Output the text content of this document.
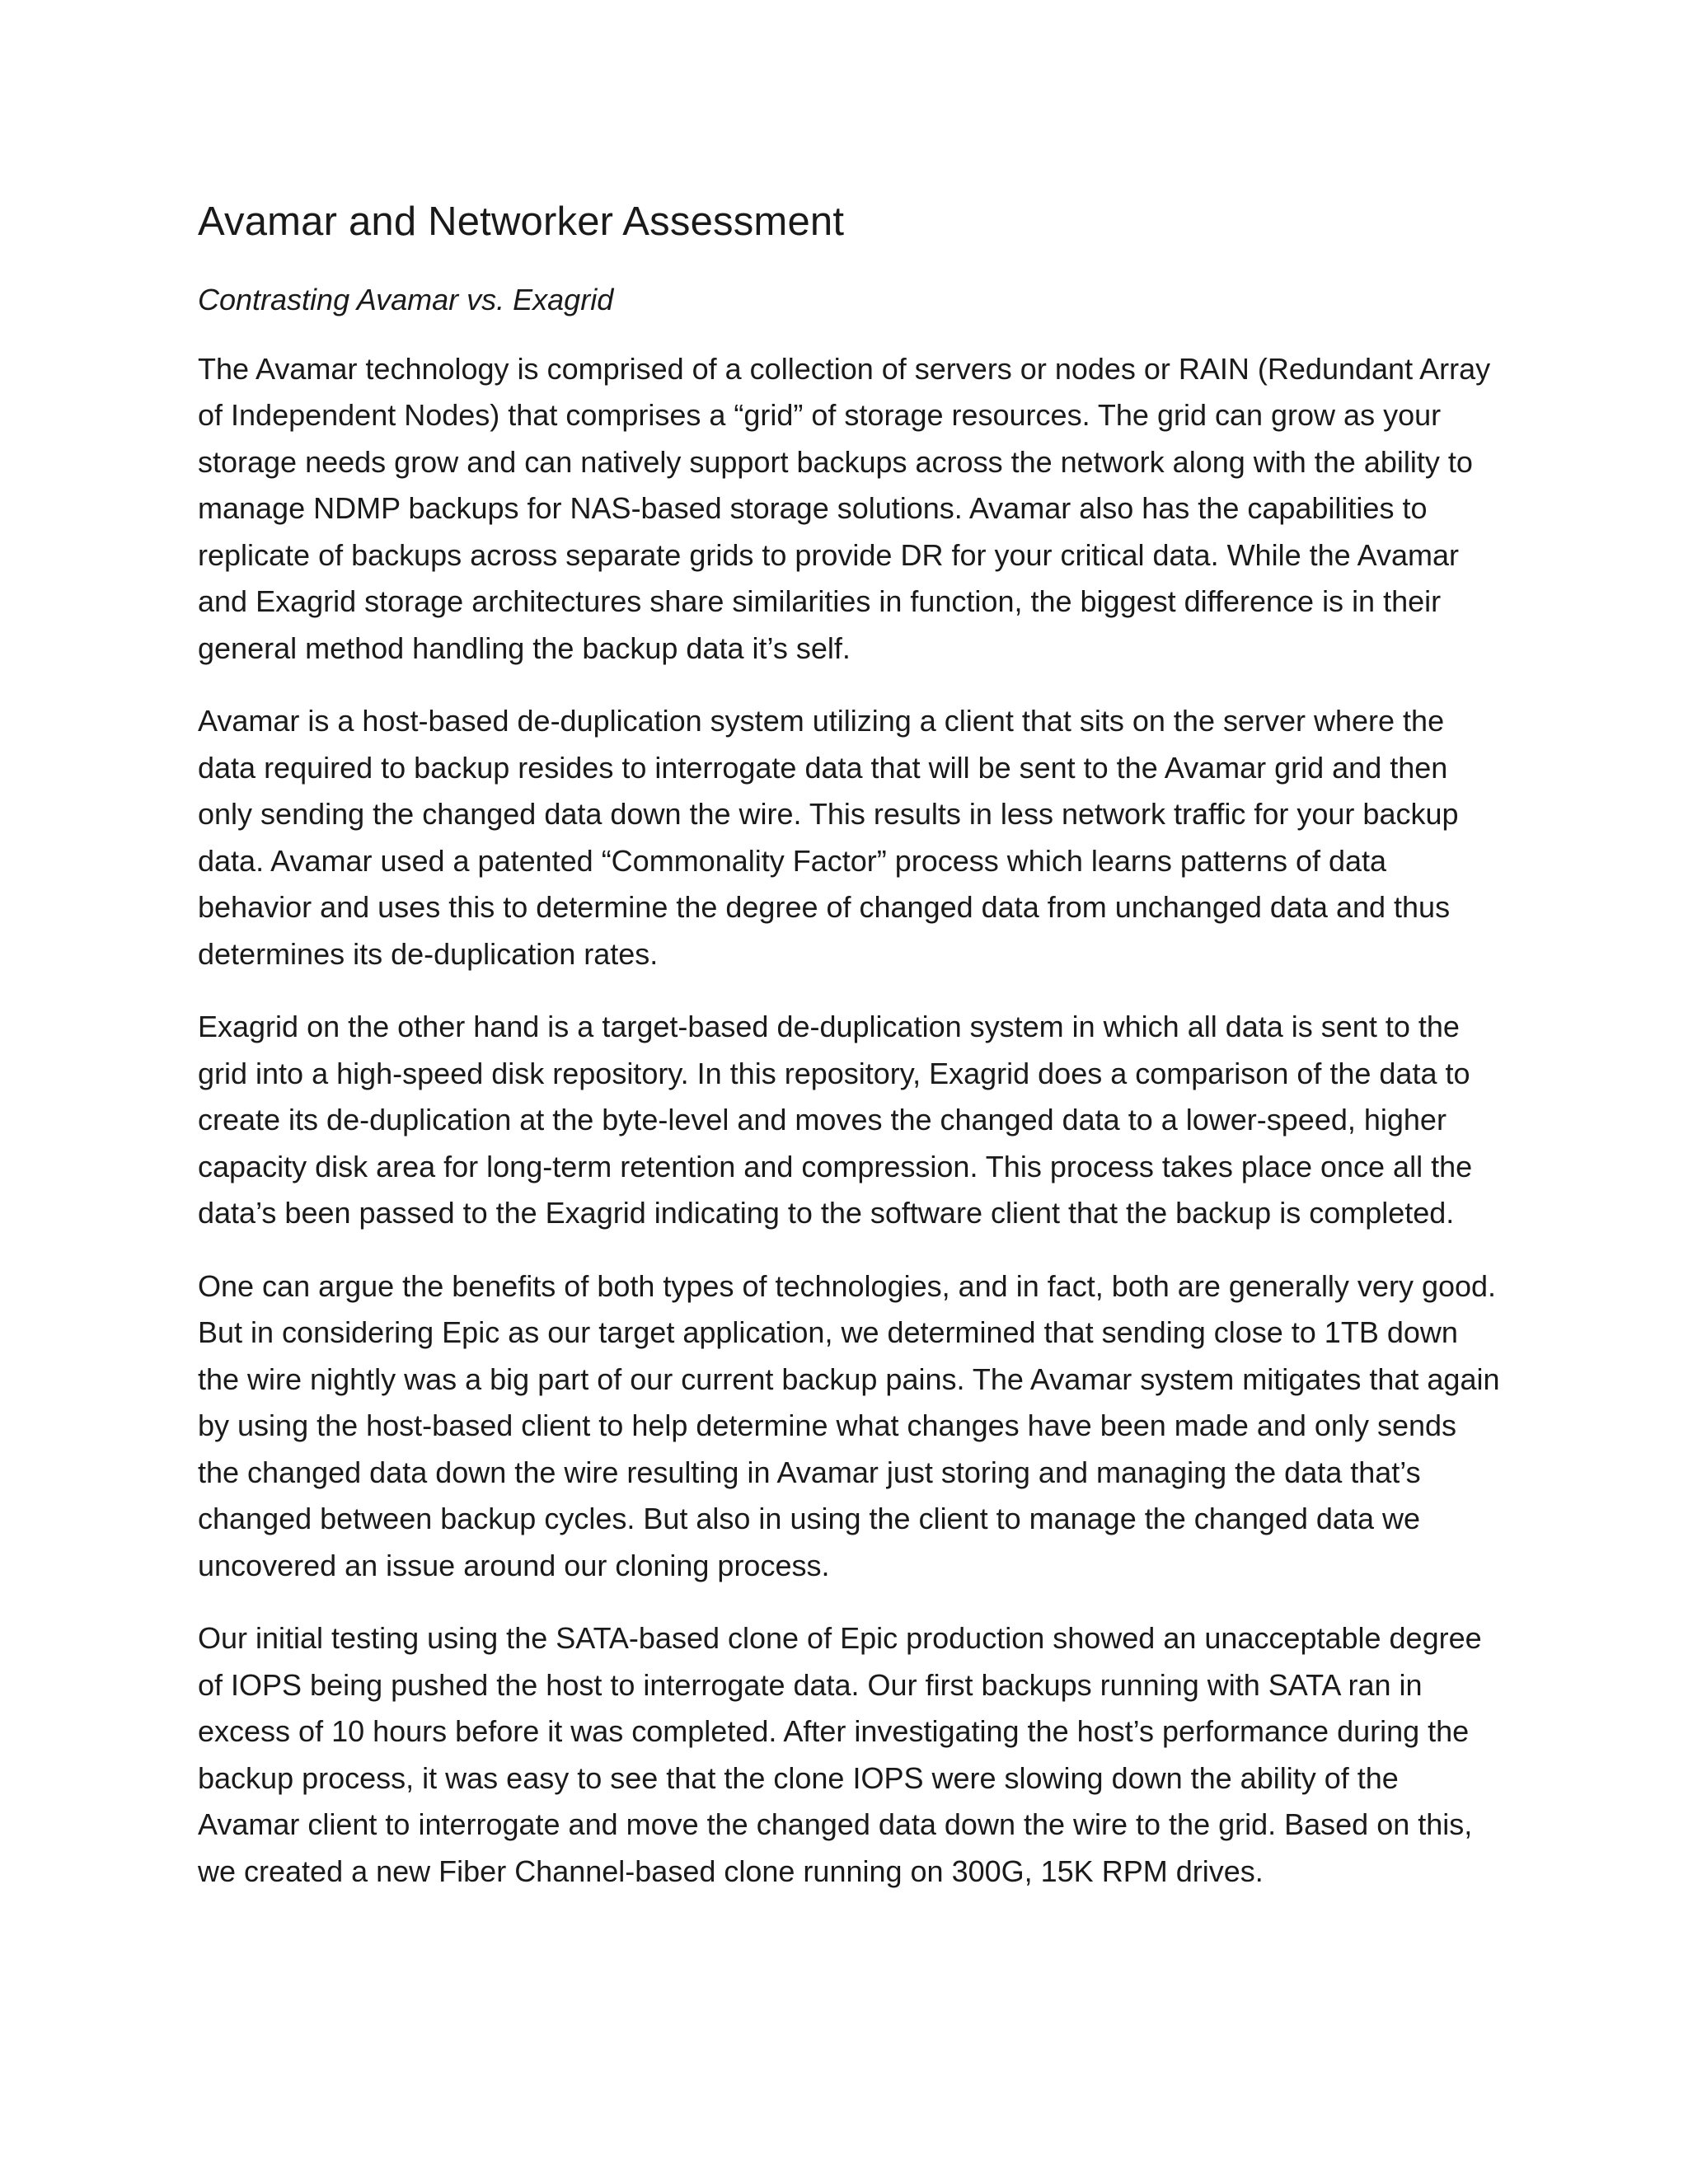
Avamar and Networker Assessment

Contrasting Avamar vs. Exagrid

The Avamar technology is comprised of a collection of servers or nodes or RAIN (Redundant Array of Independent Nodes) that comprises a “grid” of storage resources. The grid can grow as your storage needs grow and can natively support backups across the network along with the ability to manage NDMP backups for NAS-based storage solutions. Avamar also has the capabilities to replicate of backups across separate grids to provide DR for your critical data. While the Avamar and Exagrid storage architectures share similarities in function, the biggest difference is in their general method handling the backup data it’s self.

Avamar is a host-based de-duplication system utilizing a client that sits on the server where the data required to backup resides to interrogate data that will be sent to the Avamar grid and then only sending the changed data down the wire. This results in less network traffic for your backup data. Avamar used a patented “Commonality Factor” process which learns patterns of data behavior and uses this to determine the degree of changed data from unchanged data and thus determines its de-duplication rates.

Exagrid on the other hand is a target-based de-duplication system in which all data is sent to the grid into a high-speed disk repository. In this repository, Exagrid does a comparison of the data to create its de-duplication at the byte-level and moves the changed data to a lower-speed, higher capacity disk area for long-term retention and compression. This process takes place once all the data’s been passed to the Exagrid indicating to the software client that the backup is completed.

One can argue the benefits of both types of technologies, and in fact, both are generally very good. But in considering Epic as our target application, we determined that sending close to 1TB down the wire nightly was a big part of our current backup pains. The Avamar system mitigates that again by using the host-based client to help determine what changes have been made and only sends the changed data down the wire resulting in Avamar just storing and managing the data that’s changed between backup cycles. But also in using the client to manage the changed data we uncovered an issue around our cloning process.

Our initial testing using the SATA-based clone of Epic production showed an unacceptable degree of IOPS being pushed the host to interrogate data. Our first backups running with SATA ran in excess of 10 hours before it was completed. After investigating the host’s performance during the backup process, it was easy to see that the clone IOPS were slowing down the ability of the Avamar client to interrogate and move the changed data down the wire to the grid. Based on this, we created a new Fiber Channel-based clone running on 300G, 15K RPM drives.
